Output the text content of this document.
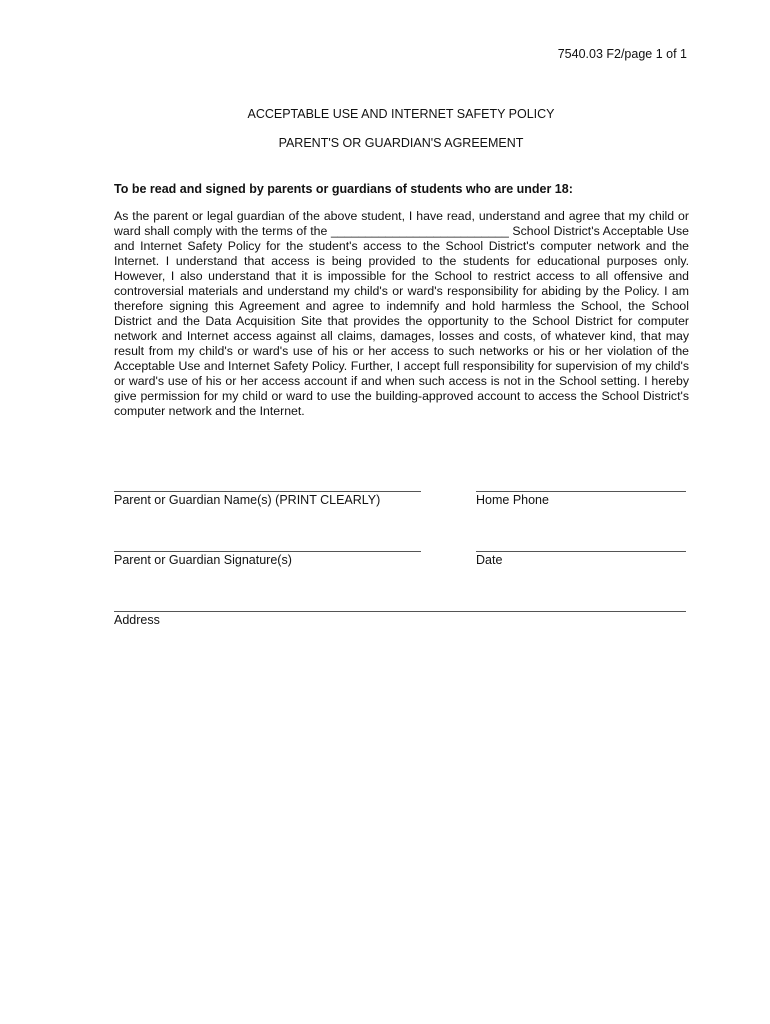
7540.03 F2/page 1 of 1
ACCEPTABLE USE AND INTERNET SAFETY POLICY
PARENT'S OR GUARDIAN'S AGREEMENT
To be read and signed by parents or guardians of students who are under 18:
As the parent or legal guardian of the above student, I have read, understand and agree that my child or ward shall comply with the terms of the __________________________ School District's Acceptable Use and Internet Safety Policy for the student's access to the School District's computer network and the Internet. I understand that access is being provided to the students for educational purposes only. However, I also understand that it is impossible for the School to restrict access to all offensive and controversial materials and understand my child's or ward's responsibility for abiding by the Policy. I am therefore signing this Agreement and agree to indemnify and hold harmless the School, the School District and the Data Acquisition Site that provides the opportunity to the School District for computer network and Internet access against all claims, damages, losses and costs, of whatever kind, that may result from my child's or ward's use of his or her access to such networks or his or her violation of the Acceptable Use and Internet Safety Policy. Further, I accept full responsibility for supervision of my child's or ward's use of his or her access account if and when such access is not in the School setting. I hereby give permission for my child or ward to use the building-approved account to access the School District's computer network and the Internet.
Parent or Guardian Name(s) (PRINT CLEARLY)	Home Phone
Parent or Guardian Signature(s)	Date
Address
